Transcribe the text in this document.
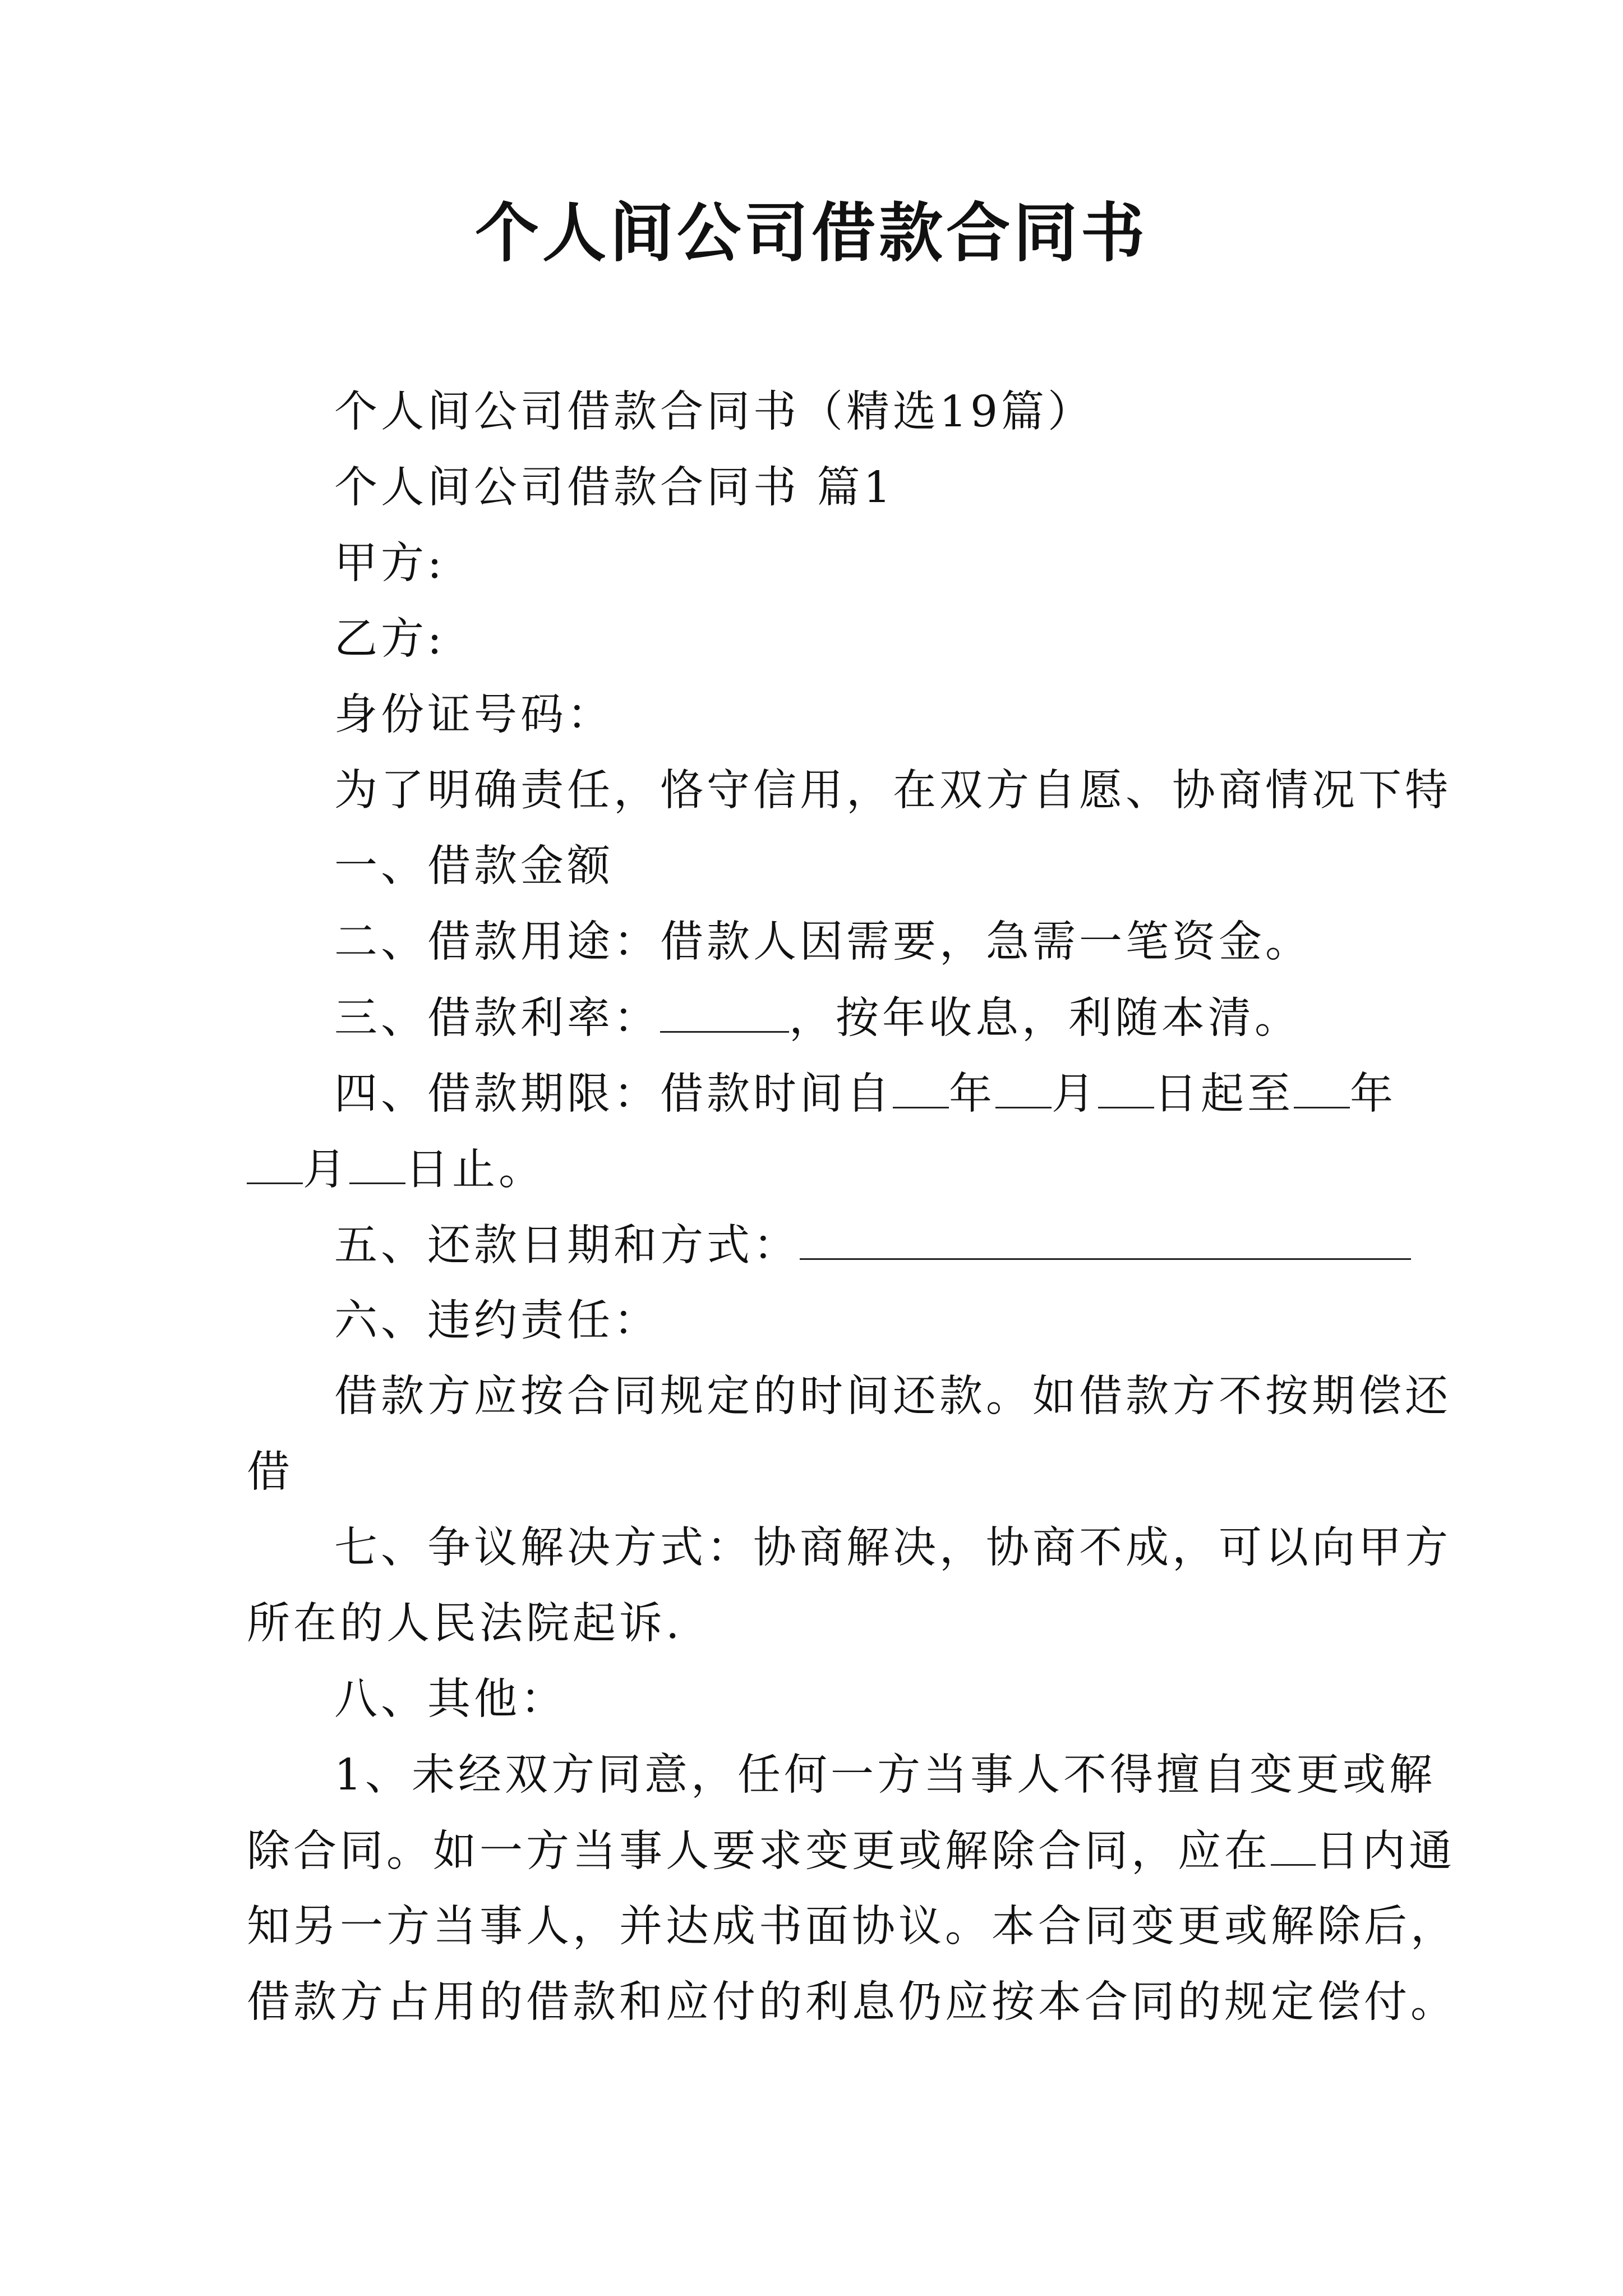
个人间公司借款合同书
个人间公司借款合同书（精选19篇）
个人间公司借款合同书 篇1
甲方:
乙方:
身份证号码：
为了明确责任，恪守信用，在双方自愿、协商情况下特
一、借款金额
二、借款用途：借款人因需要，急需一笔资金。
三、借款利率：	，按年收息，利随本清。
四、借款期限：借款时间自 年 月 日起至 年
月 日止。
五、还款日期和方式：
六、违约责任：
借款方应按合同规定的时间还款。如借款方不按期偿还
借
七、争议解决方式：协商解决，协商不成，可以向甲方
所在的人民法院起诉.
八、其他：
1、未经双方同意，任何一方当事人不得擅自变更或解
除合同。如一方当事人要求变更或解除合同，应在 日内通
知另一方当事人，并达成书面协议。本合同变更或解除后，
借款方占用的借款和应付的利息仍应按本合同的规定偿付。
